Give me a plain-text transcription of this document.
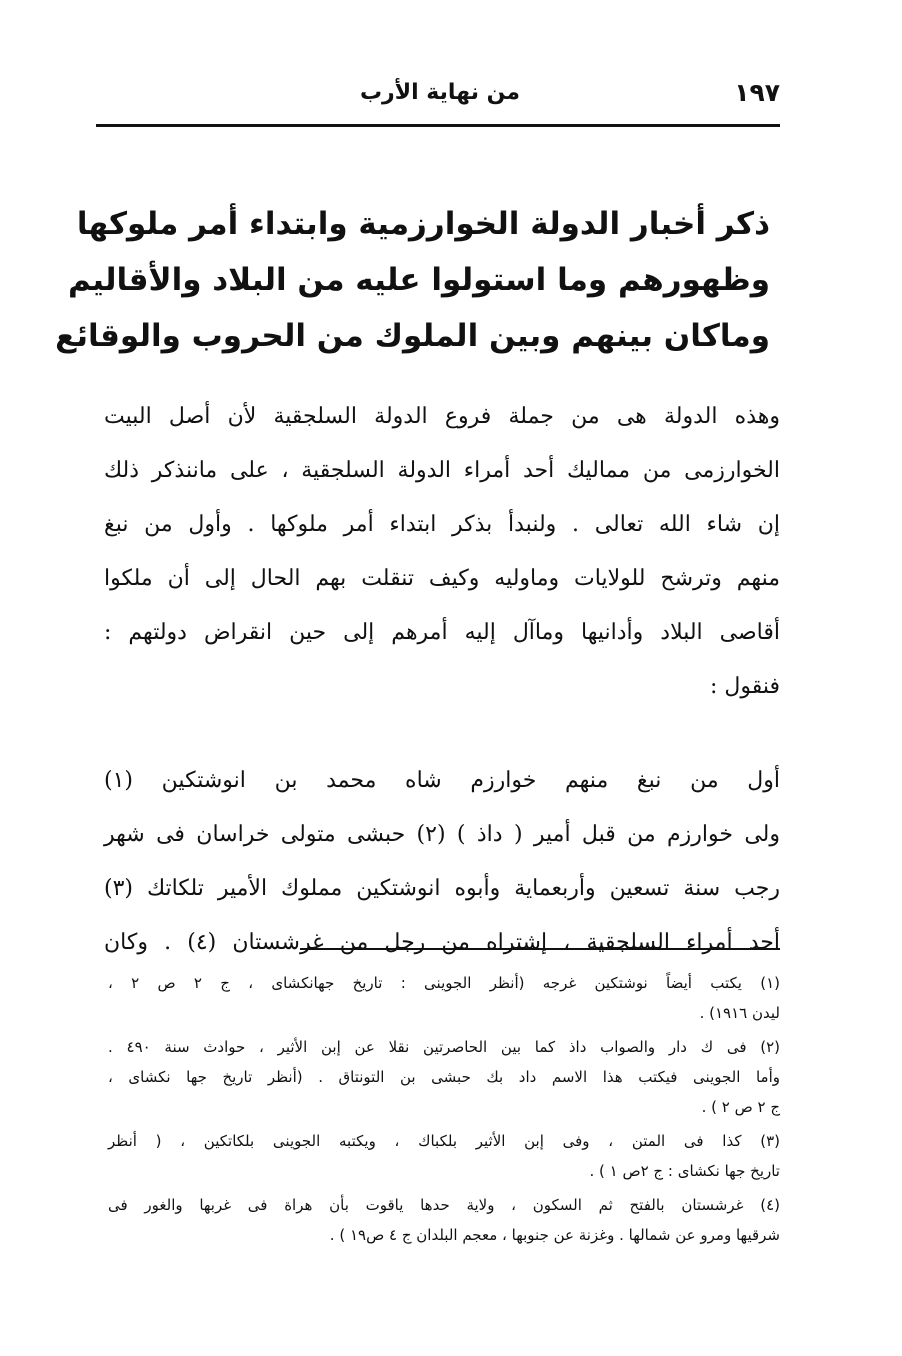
١٩٧
من نهاية الأرب
ذكر أخبار الدولة الخوارزمية وابتداء أمر ملوكها
وظهورهم وما استولوا عليه من البلاد والأقاليم
وماكان بينهم وبين الملوك من الحروب والوقائع
وهذه الدولة هى من جملة فروع الدولة السلجقية لأن أصل البيت
الخوارزمى من مماليك أحد أمراء الدولة السلجقية ، على ماننذكر ذلك
إن شاء الله تعالى . ولنبدأ بذكر ابتداء أمر ملوكها . وأول من نبغ
منهم وترشح للولايات وماوليه وكيف تنقلت بهم الحال إلى أن ملكوا
أقاصى البلاد وأدانيها وماآل إليه أمرهم إلى حين انقراض دولتهم :
فنقول :
أول من نبغ منهم خوارزم شاه محمد بن انوشتكين (١)
ولى خوارزم من قبل أمير ( داذ ) (٢) حبشى متولى خراسان فى شهر
رجب سنة تسعين وأربعماية وأبوه انوشتكين مملوك الأمير تلكاتك (٣)
أحد أمراء السلجقية ، إشتراه من رجل من غرشستان (٤) . وكان
(١) يكتب أيضاً نوشتكين غرجه (أنظر الجوينى : تاريخ جهانكشاى ، ج ٢ ص ٢ ،
ليدن ١٩١٦) .
(٢) فى ك دار والصواب داذ كما بين الحاصرتين نقلا عن إبن الأثير ، حوادث سنة ٤٩٠ .
وأما الجوينى فيكتب هذا الاسم داد بك حبشى بن التونتاق . (أنظر تاريخ جها نكشاى ،
ج ٢ ص ٢ ) .
(٣) كذا فى المتن ، وفى إبن الأثير بلكباك ، ويكتبه الجوينى بلكاتكين ، ( أنظر
تاريخ جها نكشاى : ج ٢ص ١ ) .
(٤) غرشستان بالفتح ثم السكون ، ولاية حدها ياقوت بأن هراة فى غربها والغور فى
شرقيها ومرو عن شمالها . وغزنة عن جنوبها ، معجم البلدان ج ٤ ص١٩ ) .
